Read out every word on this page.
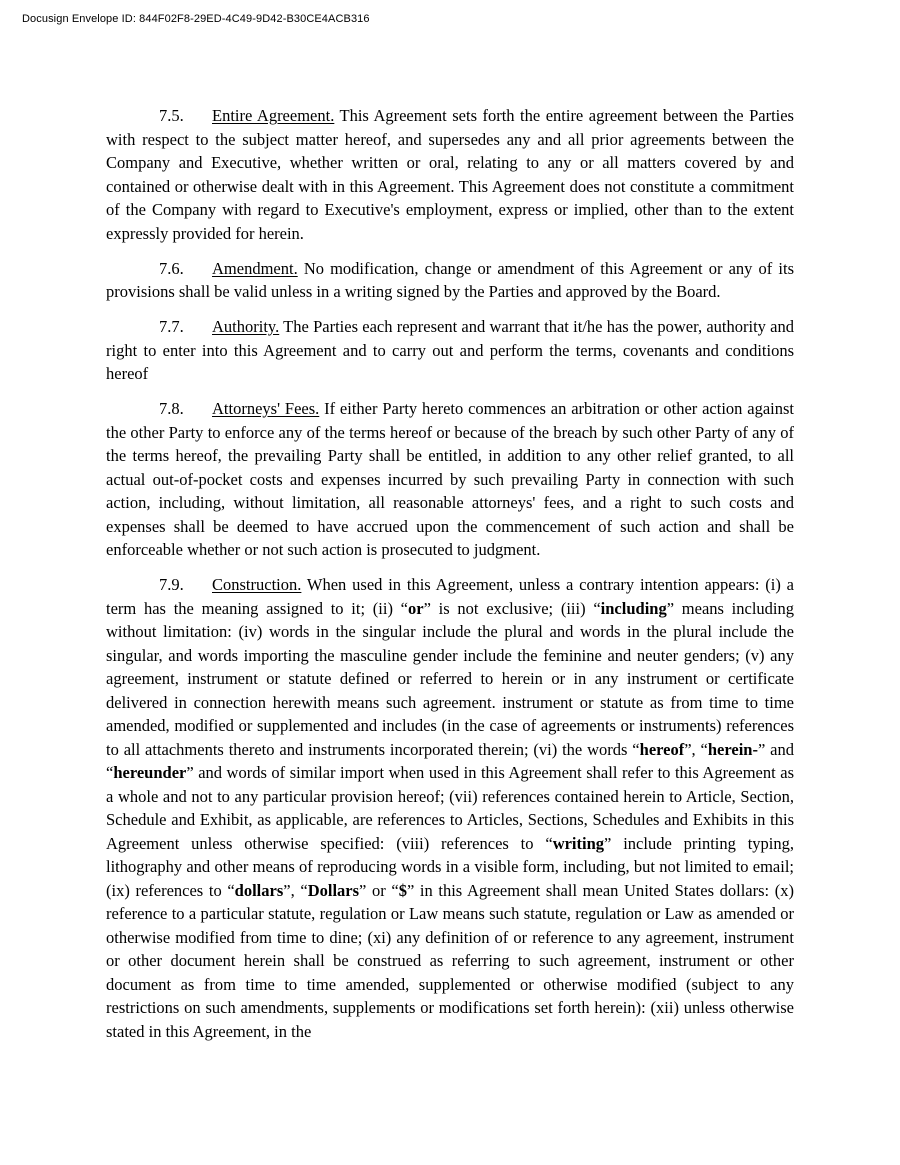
Docusign Envelope ID: 844F02F8-29ED-4C49-9D42-B30CE4ACB316

7.5. Entire Agreement. This Agreement sets forth the entire agreement between the Parties with respect to the subject matter hereof, and supersedes any and all prior agreements between the Company and Executive, whether written or oral, relating to any or all matters covered by and contained or otherwise dealt with in this Agreement. This Agreement does not constitute a commitment of the Company with regard to Executive's employment, express or implied, other than to the extent expressly provided for herein.

7.6. Amendment. No modification, change or amendment of this Agreement or any of its provisions shall be valid unless in a writing signed by the Parties and approved by the Board.

7.7. Authority. The Parties each represent and warrant that it/he has the power, authority and right to enter into this Agreement and to carry out and perform the terms, covenants and conditions hereof

7.8. Attorneys' Fees. If either Party hereto commences an arbitration or other action against the other Party to enforce any of the terms hereof or because of the breach by such other Party of any of the terms hereof, the prevailing Party shall be entitled, in addition to any other relief granted, to all actual out-of-pocket costs and expenses incurred by such prevailing Party in connection with such action, including, without limitation, all reasonable attorneys' fees, and a right to such costs and expenses shall be deemed to have accrued upon the commencement of such action and shall be enforceable whether or not such action is prosecuted to judgment.

7.9. Construction. When used in this Agreement, unless a contrary intention appears: (i) a term has the meaning assigned to it; (ii) “or” is not exclusive; (iii) “including” means including without limitation: (iv) words in the singular include the plural and words in the plural include the singular, and words importing the masculine gender include the feminine and neuter genders; (v) any agreement, instrument or statute defined or referred to herein or in any instrument or certificate delivered in connection herewith means such agreement. instrument or statute as from time to time amended, modified or supplemented and includes (in the case of agreements or instruments) references to all attachments thereto and instruments incorporated therein; (vi) the words “hereof”, “herein-” and “hereunder” and words of similar import when used in this Agreement shall refer to this Agreement as a whole and not to any particular provision hereof; (vii) references contained herein to Article, Section, Schedule and Exhibit, as applicable, are references to Articles, Sections, Schedules and Exhibits in this Agreement unless otherwise specified: (viii) references to “writing” include printing typing, lithography and other means of reproducing words in a visible form, including, but not limited to email; (ix) references to “dollars”, “Dollars” or “$” in this Agreement shall mean United States dollars: (x) reference to a particular statute, regulation or Law means such statute, regulation or Law as amended or otherwise modified from time to dine; (xi) any definition of or reference to any agreement, instrument or other document herein shall be construed as referring to such agreement, instrument or other document as from time to time amended, supplemented or otherwise modified (subject to any restrictions on such amendments, supplements or modifications set forth herein): (xii) unless otherwise stated in this Agreement, in the
